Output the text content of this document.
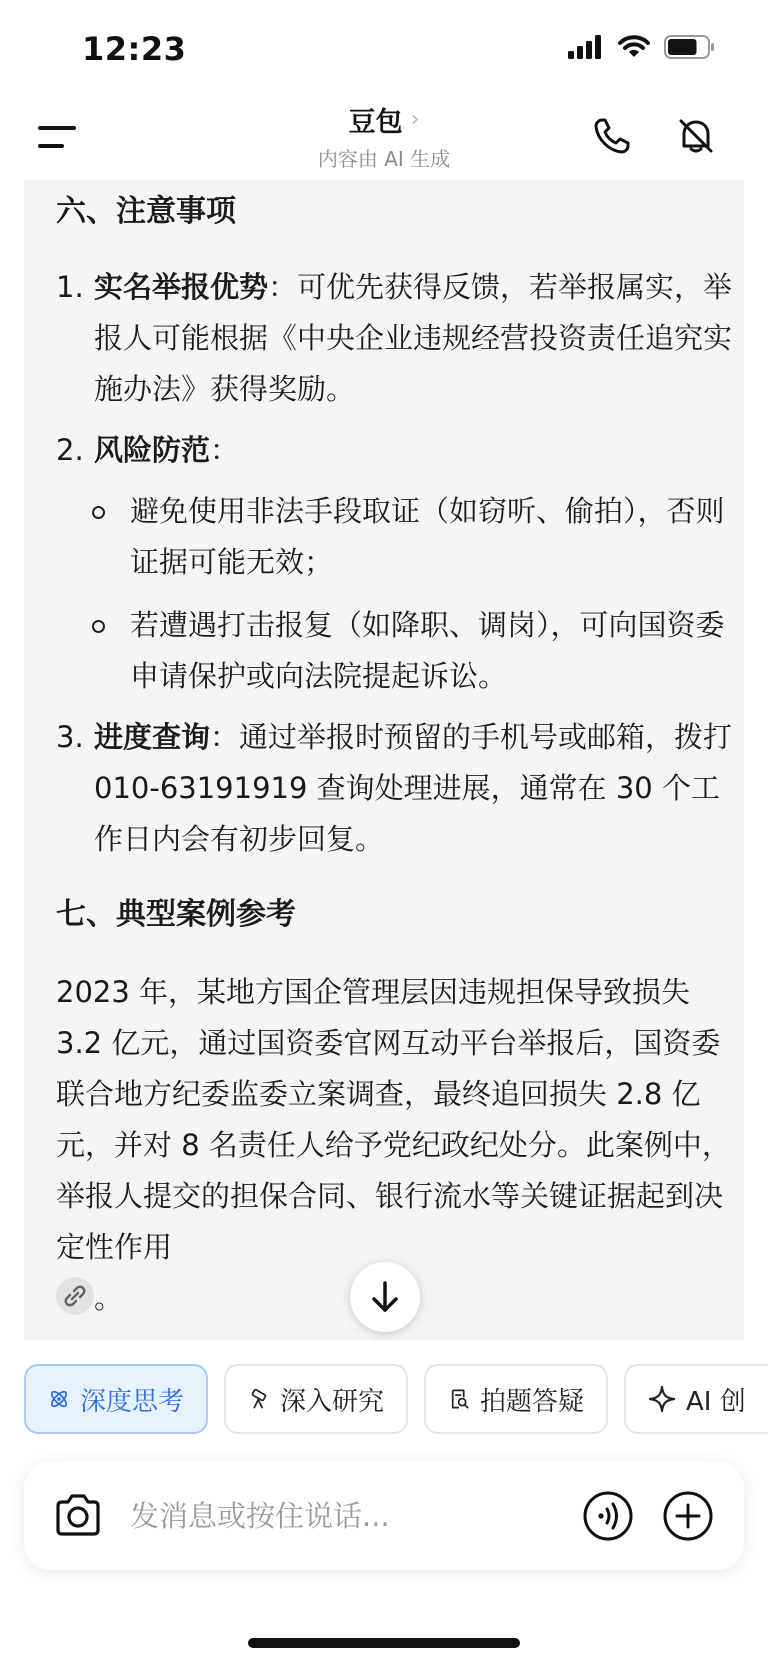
12:23
豆包 ›
内容由 AI 生成
六、注意事项
1. 实名举报优势：可优先获得反馈，若举报属实，举报人可能根据《中央企业违规经营投资责任追究实施办法》获得奖励。
2. 风险防范：
避免使用非法手段取证（如窃听、偷拍），否则证据可能无效；
若遭遇打击报复（如降职、调岗），可向国资委申请保护或向法院提起诉讼。
3. 进度查询：通过举报时预留的手机号或邮箱，拨打 010-63191919 查询处理进展，通常在 30 个工作日内会有初步回复。
七、典型案例参考

2023 年，某地方国企管理层因违规担保导致损失 3.2 亿元，通过国资委官网互动平台举报后，国资委联合地方纪委监委立案调查，最终追回损失 2.8 亿元，并对 8 名责任人给予党纪政纪处分。此案例中，举报人提交的担保合同、银行流水等关键证据起到决定性作用
。

深度思考	深入研究	拍题答疑	AI 创
发消息或按住说话...
